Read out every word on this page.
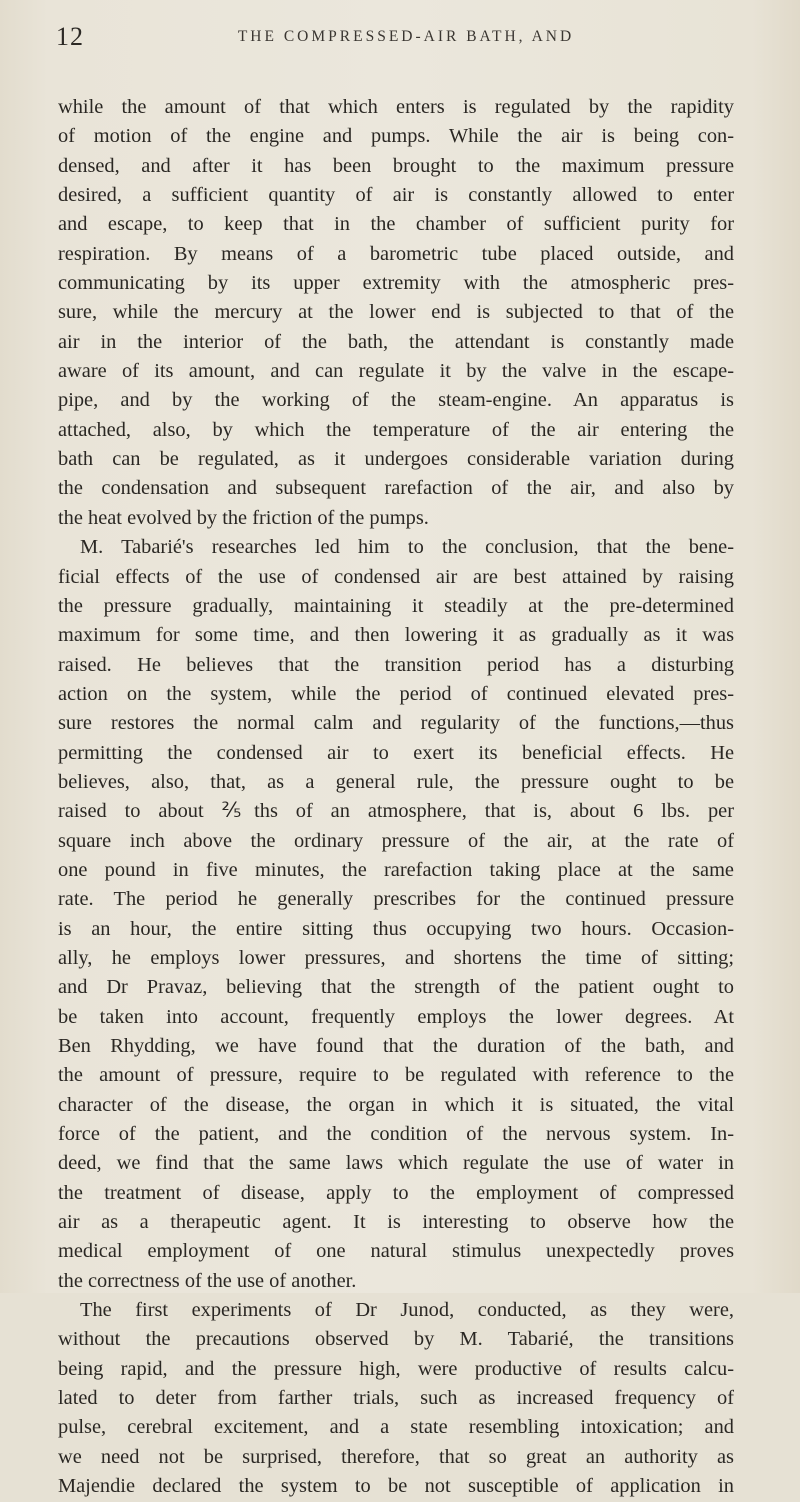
12	THE COMPRESSED-AIR BATH, AND
while the amount of that which enters is regulated by the rapidity
of motion of the engine and pumps. While the air is being con-
densed, and after it has been brought to the maximum pressure
desired, a sufficient quantity of air is constantly allowed to enter
and escape, to keep that in the chamber of sufficient purity for
respiration. By means of a barometric tube placed outside, and
communicating by its upper extremity with the atmospheric pres-
sure, while the mercury at the lower end is subjected to that of the
air in the interior of the bath, the attendant is constantly made
aware of its amount, and can regulate it by the valve in the escape-
pipe, and by the working of the steam-engine. An apparatus is
attached, also, by which the temperature of the air entering the
bath can be regulated, as it undergoes considerable variation during
the condensation and subsequent rarefaction of the air, and also by
the heat evolved by the friction of the pumps.
M. Tabarié's researches led him to the conclusion, that the bene-
ficial effects of the use of condensed air are best attained by raising
the pressure gradually, maintaining it steadily at the pre-determined
maximum for some time, and then lowering it as gradually as it was
raised. He believes that the transition period has a disturbing
action on the system, while the period of continued elevated pres-
sure restores the normal calm and regularity of the functions,—thus
permitting the condensed air to exert its beneficial effects. He
believes, also, that, as a general rule, the pressure ought to be
raised to about ⅖ths of an atmosphere, that is, about 6 lbs. per
square inch above the ordinary pressure of the air, at the rate of
one pound in five minutes, the rarefaction taking place at the same
rate. The period he generally prescribes for the continued pressure
is an hour, the entire sitting thus occupying two hours. Occasion-
ally, he employs lower pressures, and shortens the time of sitting;
and Dr Pravaz, believing that the strength of the patient ought to
be taken into account, frequently employs the lower degrees. At
Ben Rhydding, we have found that the duration of the bath, and
the amount of pressure, require to be regulated with reference to the
character of the disease, the organ in which it is situated, the vital
force of the patient, and the condition of the nervous system. In-
deed, we find that the same laws which regulate the use of water in
the treatment of disease, apply to the employment of compressed
air as a therapeutic agent. It is interesting to observe how the
medical employment of one natural stimulus unexpectedly proves
the correctness of the use of another.
The first experiments of Dr Junod, conducted, as they were,
without the precautions observed by M. Tabarié, the transitions
being rapid, and the pressure high, were productive of results calcu-
lated to deter from farther trials, such as increased frequency of
pulse, cerebral excitement, and a state resembling intoxication; and
we need not be surprised, therefore, that so great an authority as
Majendie declared the system to be not susceptible of application in
